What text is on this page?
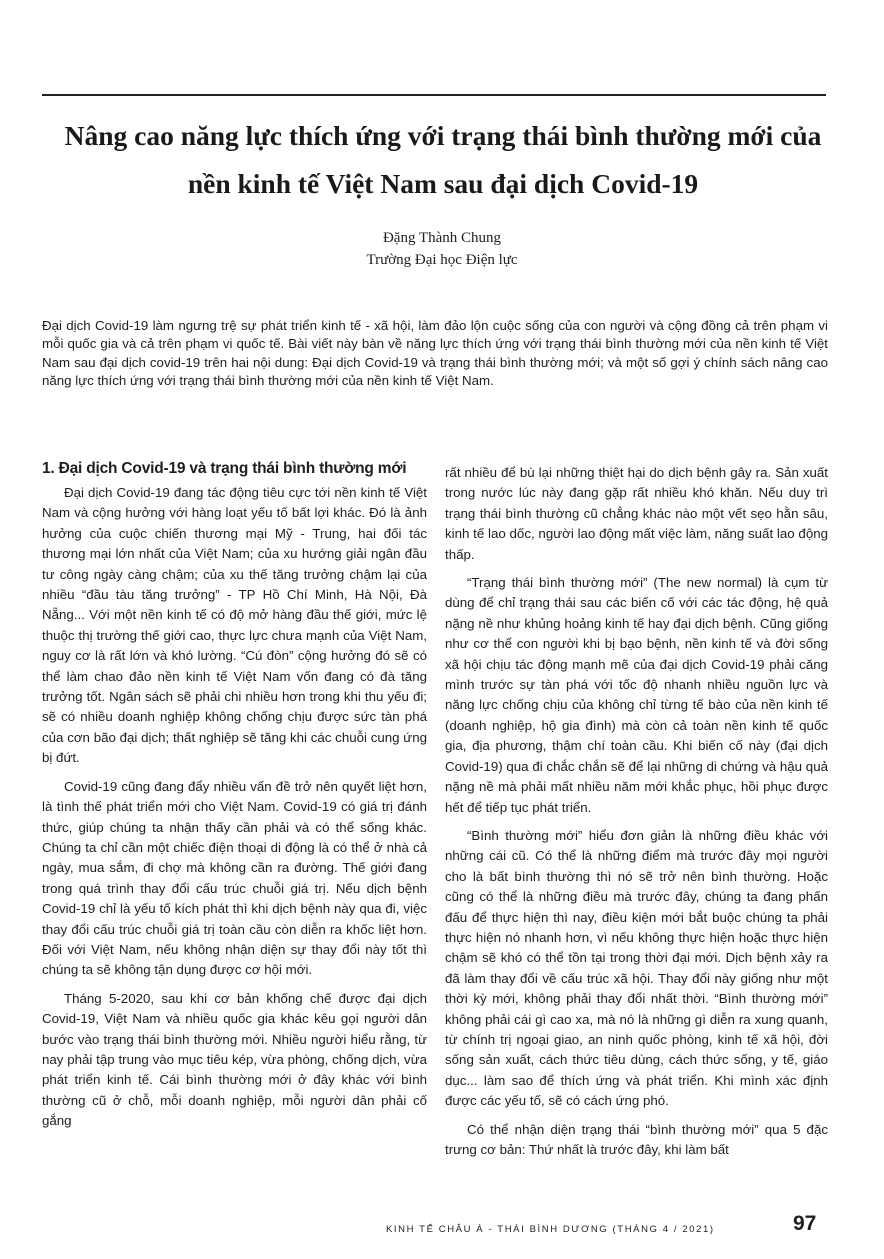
Nâng cao năng lực thích ứng với trạng thái bình thường mới của nền kinh tế Việt Nam sau đại dịch Covid-19

Đặng Thành Chung

Trường Đại học Điện lực

Đại dịch Covid-19 làm ngưng trệ sự phát triển kinh tế - xã hội, làm đảo lộn cuộc sống của con người và cộng đồng cả trên phạm vi mỗi quốc gia và cả trên phạm vi quốc tế. Bài viết này bàn về năng lực thích ứng với trạng thái bình thường mới của nền kinh tế Việt Nam sau đại dịch covid-19 trên hai nội dung: Đại dịch Covid-19 và trạng thái bình thường mới; và một số gợi ý chính sách nâng cao năng lực thích ứng với trạng thái bình thường mới của nền kinh tế Việt Nam.

1. Đại dịch Covid-19 và trạng thái bình thường mới

Đại dịch Covid-19 đang tác động tiêu cực tới nền kinh tế Việt Nam và cộng hưởng với hàng loạt yếu tố bất lợi khác. Đó là ảnh hưởng của cuộc chiến thương mại Mỹ - Trung, hai đối tác thương mại lớn nhất của Việt Nam; của xu hướng giải ngân đầu tư công ngày càng chậm; của xu thế tăng trưởng chậm lại của nhiều “đầu tàu tăng trưởng” - TP Hồ Chí Minh, Hà Nội, Đà Nẵng... Với một nền kinh tế có độ mở hàng đầu thế giới, mức lệ thuộc thị trường thế giới cao, thực lực chưa mạnh của Việt Nam, nguy cơ là rất lớn và khó lường. “Cú đòn” cộng hưởng đó sẽ có thể làm chao đảo nền kinh tế Việt Nam vốn đang có đà tăng trưởng tốt. Ngân sách sẽ phải chi nhiều hơn trong khi thu yếu đi; sẽ có nhiều doanh nghiệp không chống chịu được sức tàn phá của cơn bão đại dịch; thất nghiệp sẽ tăng khi các chuỗi cung ứng bị đứt.

Covid-19 cũng đang đẩy nhiều vấn đề trở nên quyết liệt hơn, là tình thế phát triển mới cho Việt Nam. Covid-19 có giá trị đánh thức, giúp chúng ta nhận thấy cần phải và có thể sống khác. Chúng ta chỉ cần một chiếc điện thoại di động là có thể ở nhà cả ngày, mua sắm, đi chợ mà không cần ra đường. Thế giới đang trong quá trình thay đổi cấu trúc chuỗi giá trị. Nếu dịch bệnh Covid-19 chỉ là yếu tố kích phát thì khi dịch bệnh này qua đi, việc thay đổi cấu trúc chuỗi giá trị toàn cầu còn diễn ra khốc liệt hơn. Đối với Việt Nam, nếu không nhận diện sự thay đổi này tốt thì chúng ta sẽ không tận dụng được cơ hội mới.

Tháng 5-2020, sau khi cơ bản khống chế được đại dịch Covid-19, Việt Nam và nhiều quốc gia khác kêu gọi người dân bước vào trạng thái bình thường mới. Nhiều người hiểu rằng, từ nay phải tập trung vào mục tiêu kép, vừa phòng, chống dịch, vừa phát triển kinh tế. Cái bình thường mới ở đây khác với bình thường cũ ở chỗ, mỗi doanh nghiệp, mỗi người dân phải cố gắng

rất nhiều để bù lại những thiệt hại do dịch bệnh gây ra. Sản xuất trong nước lúc này đang gặp rất nhiều khó khăn. Nếu duy trì trạng thái bình thường cũ chẳng khác nào một vết sẹo hằn sâu, kinh tế lao dốc, người lao động mất việc làm, năng suất lao động thấp.

“Trạng thái bình thường mới” (The new normal) là cụm từ dùng để chỉ trạng thái sau các biến cố với các tác động, hệ quả nặng nề như khủng hoảng kinh tế hay đại dịch bệnh. Cũng giống như cơ thể con người khi bị bạo bệnh, nền kinh tế và đời sống xã hội chịu tác động mạnh mẽ của đại dịch Covid-19 phải căng mình trước sự tàn phá với tốc độ nhanh nhiều nguồn lực và năng lực chống chịu của không chỉ từng tế bào của nền kinh tế (doanh nghiệp, hộ gia đình) mà còn cả toàn nền kinh tế quốc gia, địa phương, thậm chí toàn cầu. Khi biến cố này (đại dịch Covid-19) qua đi chắc chắn sẽ để lại những di chứng và hậu quả nặng nề mà phải mất nhiều năm mới khắc phục, hồi phục được hết để tiếp tục phát triển.

“Bình thường mới” hiểu đơn giản là những điều khác với những cái cũ. Có thể là những điểm mà trước đây mọi người cho là bất bình thường thì nó sẽ trở nên bình thường. Hoặc cũng có thể là những điều mà trước đây, chúng ta đang phấn đấu để thực hiện thì nay, điều kiện mới bắt buộc chúng ta phải thực hiện nó nhanh hơn, vì nếu không thực hiện hoặc thực hiện chậm sẽ khó có thể tồn tại trong thời đại mới. Dịch bệnh xảy ra đã làm thay đổi về cấu trúc xã hội. Thay đổi này giống như một thời kỳ mới, không phải thay đổi nhất thời. “Bình thường mới” không phải cái gì cao xa, mà nó là những gì diễn ra xung quanh, từ chính trị ngoại giao, an ninh quốc phòng, kinh tế xã hội, đời sống sản xuất, cách thức tiêu dùng, cách thức sống, y tế, giáo dục... làm sao để thích ứng và phát triển. Khi mình xác định được các yếu tố, sẽ có cách ứng phó.

Có thể nhận diện trạng thái “bình thường mới” qua 5 đặc trưng cơ bản: Thứ nhất là trước đây, khi làm bất

KINH TẾ CHÂU Á - THÁI BÌNH DƯƠNG (THÁNG 4 / 2021)	97
